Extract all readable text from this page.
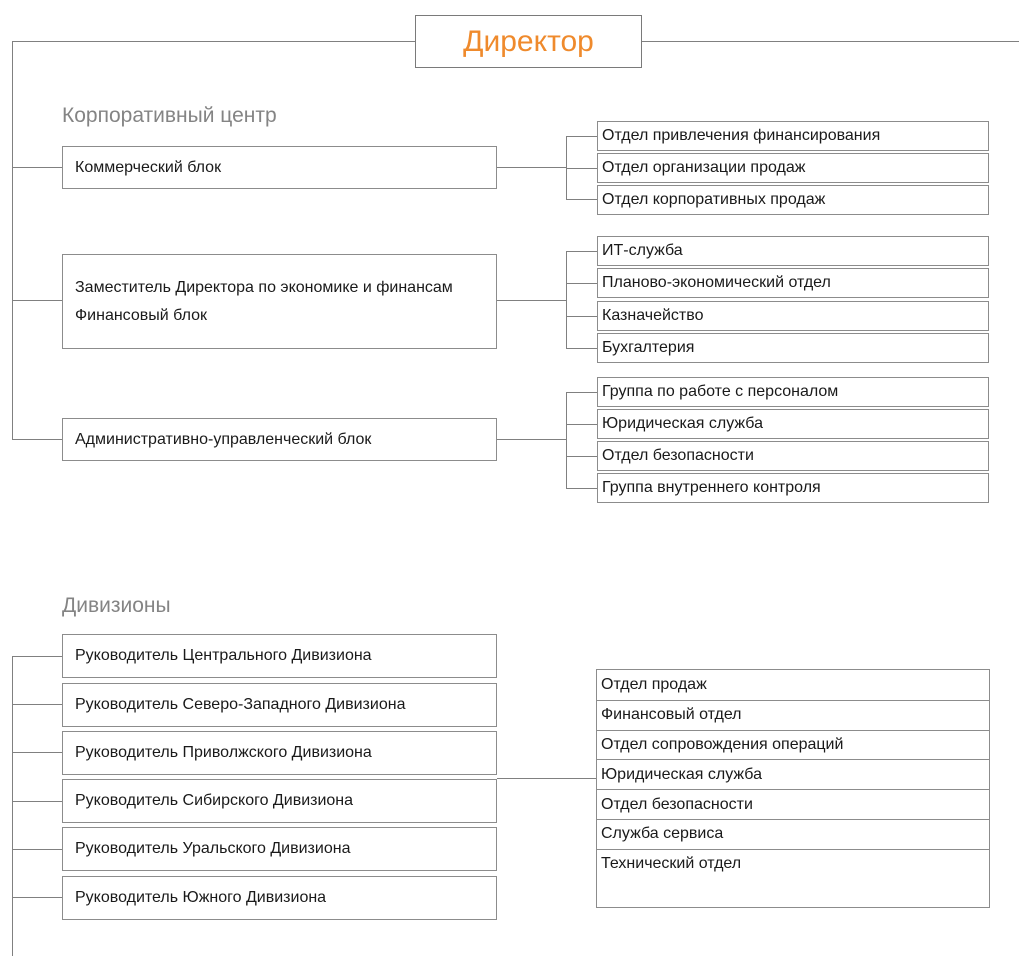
Директор
Корпоративный центр
Коммерческий блок
Заместитель Директора по экономике и финансам
Финансовый блок
Административно-управленческий блок
Отдел привлечения финансирования
Отдел организации продаж
Отдел корпоративных продаж
ИТ-служба
Планово-экономический отдел
Казначейство
Бухгалтерия
Группа по работе с персоналом
Юридическая служба
Отдел безопасности
Группа внутреннего контроля
Дивизионы
Руководитель Центрального Дивизиона
Руководитель Северо-Западного Дивизиона
Руководитель Приволжского Дивизиона
Руководитель Сибирского Дивизиона
Руководитель Уральского Дивизиона
Руководитель Южного Дивизиона
Отдел продаж
Финансовый отдел
Отдел сопровождения операций
Юридическая служба
Отдел безопасности
Служба сервиса
Технический отдел
